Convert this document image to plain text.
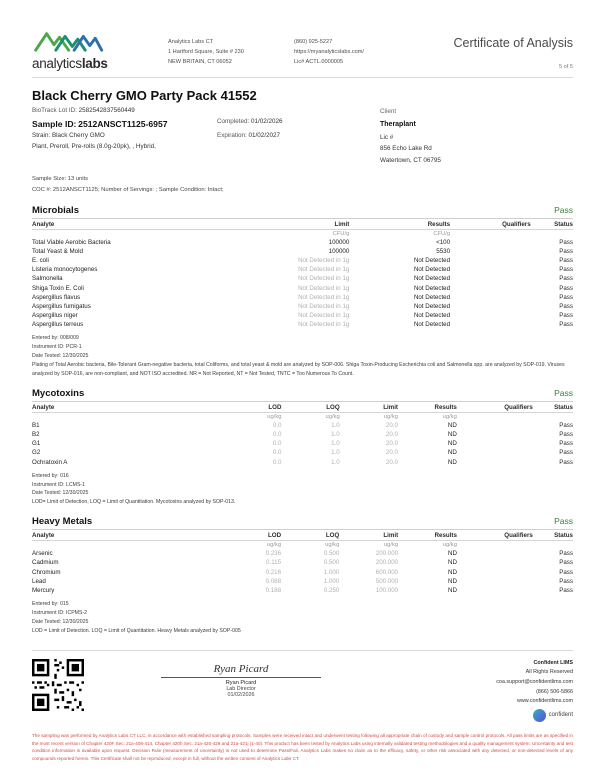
analyticslabs
Analytics Labs CT
1 Hartford Square, Suite # 230
NEW BRITAIN, CT 06052
(860) 925-5227
https://myanalyticslabs.com/
Lic# ACTL.0000005
Certificate of Analysis
5 of 5
Black Cherry GMO Party Pack 41552
BioTrack Lot ID: 2582542837560449
Sample ID: 2512ANSCT1125-6957	Completed: 01/02/2026
Strain: Black Cherry GMO	Expiration: 01/02/2027
Plant, Preroll, Pre-rolls (8.0g-20pk), , Hybrid,
Client
Theraplant
Lic #
856 Echo Lake Rd
Watertown, CT 06795
Sample Size: 13 units
COC #: 2512ANSCT1125; Number of Servings: ; Sample Condition: Intact;
Microbials	Pass
Analyte	Limit	Results	Qualifiers	Status
	CFU/g	CFU/g		
Total Viable Aerobic Bacteria	100000	<100		Pass
Total Yeast & Mold	100000	5530		Pass
E. coli	Not Detected in 1g	Not Detected		Pass
Listeria monocytogenes	Not Detected in 1g	Not Detected		Pass
Salmonella	Not Detected in 1g	Not Detected		Pass
Shiga Toxin E. Coli	Not Detected in 1g	Not Detected		Pass
Aspergillus flavus	Not Detected in 1g	Not Detected		Pass
Aspergillus fumigatus	Not Detected in 1g	Not Detected		Pass
Aspergillus niger	Not Detected in 1g	Not Detected		Pass
Aspergillus terreus	Not Detected in 1g	Not Detected		Pass
Entered by: 008/009
Instrument ID: PCR-1
Date Tested: 12/30/2025
Plating of Total Aerobic bacteria, Bile-Tolerant Gram-negative bacteria, total Coliforms, and total yeast & mold are analyzed by SOP-006. Shiga Toxin-Producing Escherichia coli and Salmonella spp. are analyzed by SOP-019. Viruses analyzed by SOP-016, are non-compliant, and NOT ISO accredited. NR = Not Reported, NT = Not Tested, TNTC = Too Numerous To Count.
Mycotoxins	Pass
Analyte	LOD	LOQ	Limit	Results	Qualifiers	Status
	ug/kg	ug/kg	ug/kg	ug/kg		
B1	0.0	1.0	20.0	ND		Pass
B2	0.0	1.0	20.0	ND		Pass
G1	0.0	1.0	20.0	ND		Pass
G2	0.0	1.0	20.0	ND		Pass
Ochratoxin A	0.0	1.0	20.0	ND		Pass
Entered by: 016
Instrument ID: LCMS-1
Date Tested: 12/30/2025
LOD= Limit of Detection, LOQ = Limit of Quantitation. Mycotoxins analyzed by SOP-013.
Heavy Metals	Pass
Analyte	LOD	LOQ	Limit	Results	Qualifiers	Status
	ug/kg	ug/kg	ug/kg	ug/kg		
Arsenic	0.236	0.500	200.000	ND		Pass
Cadmium	0.115	0.500	200.000	ND		Pass
Chromium	0.216	1.000	600.000	ND		Pass
Lead	0.088	1.000	500.000	ND		Pass
Mercury	0.188	0.250	100.000	ND		Pass
Entered by: 015
Instrument ID: ICPMS-2
Date Tested: 12/30/2025
LOD = Limit of Detection. LOQ = Limit of Quantitation. Heavy Metals analyzed by SOP-005
Ryan Picard
Ryan Picard
Lab Director
01/02/2026
Confident LIMS
All Rights Reserved
coa.support@confidentlims.com
(866) 506-5866
www.confidentlims.com
confident
The sampling was performed by Analytics Labs CT LLC, in accordance with established sampling protocols. Samples were received intact and underwent testing following all appropriate chain of custody and sample control protocols. All pass limits are as specified in the most recent version of Chapter 420F Sec. 21a-408-414, Chapter 420h Sec. 21a-420-429 and 21a-421j (1-40). This product has been tested by Analytics Labs using internally validated testing methodologies and a quality management system. Uncertainty and test condition information is available upon request. Decision Rule (measurement of uncertainty) is not used to determine Pass/Fail. Analytics Labs makes no claim as to the efficacy, safety, or other risk associated with any detected, or non-detected levels of any compounds reported herein. This Certificate shall not be reproduced, except in full, without the written consent of Analytics Labs CT.
